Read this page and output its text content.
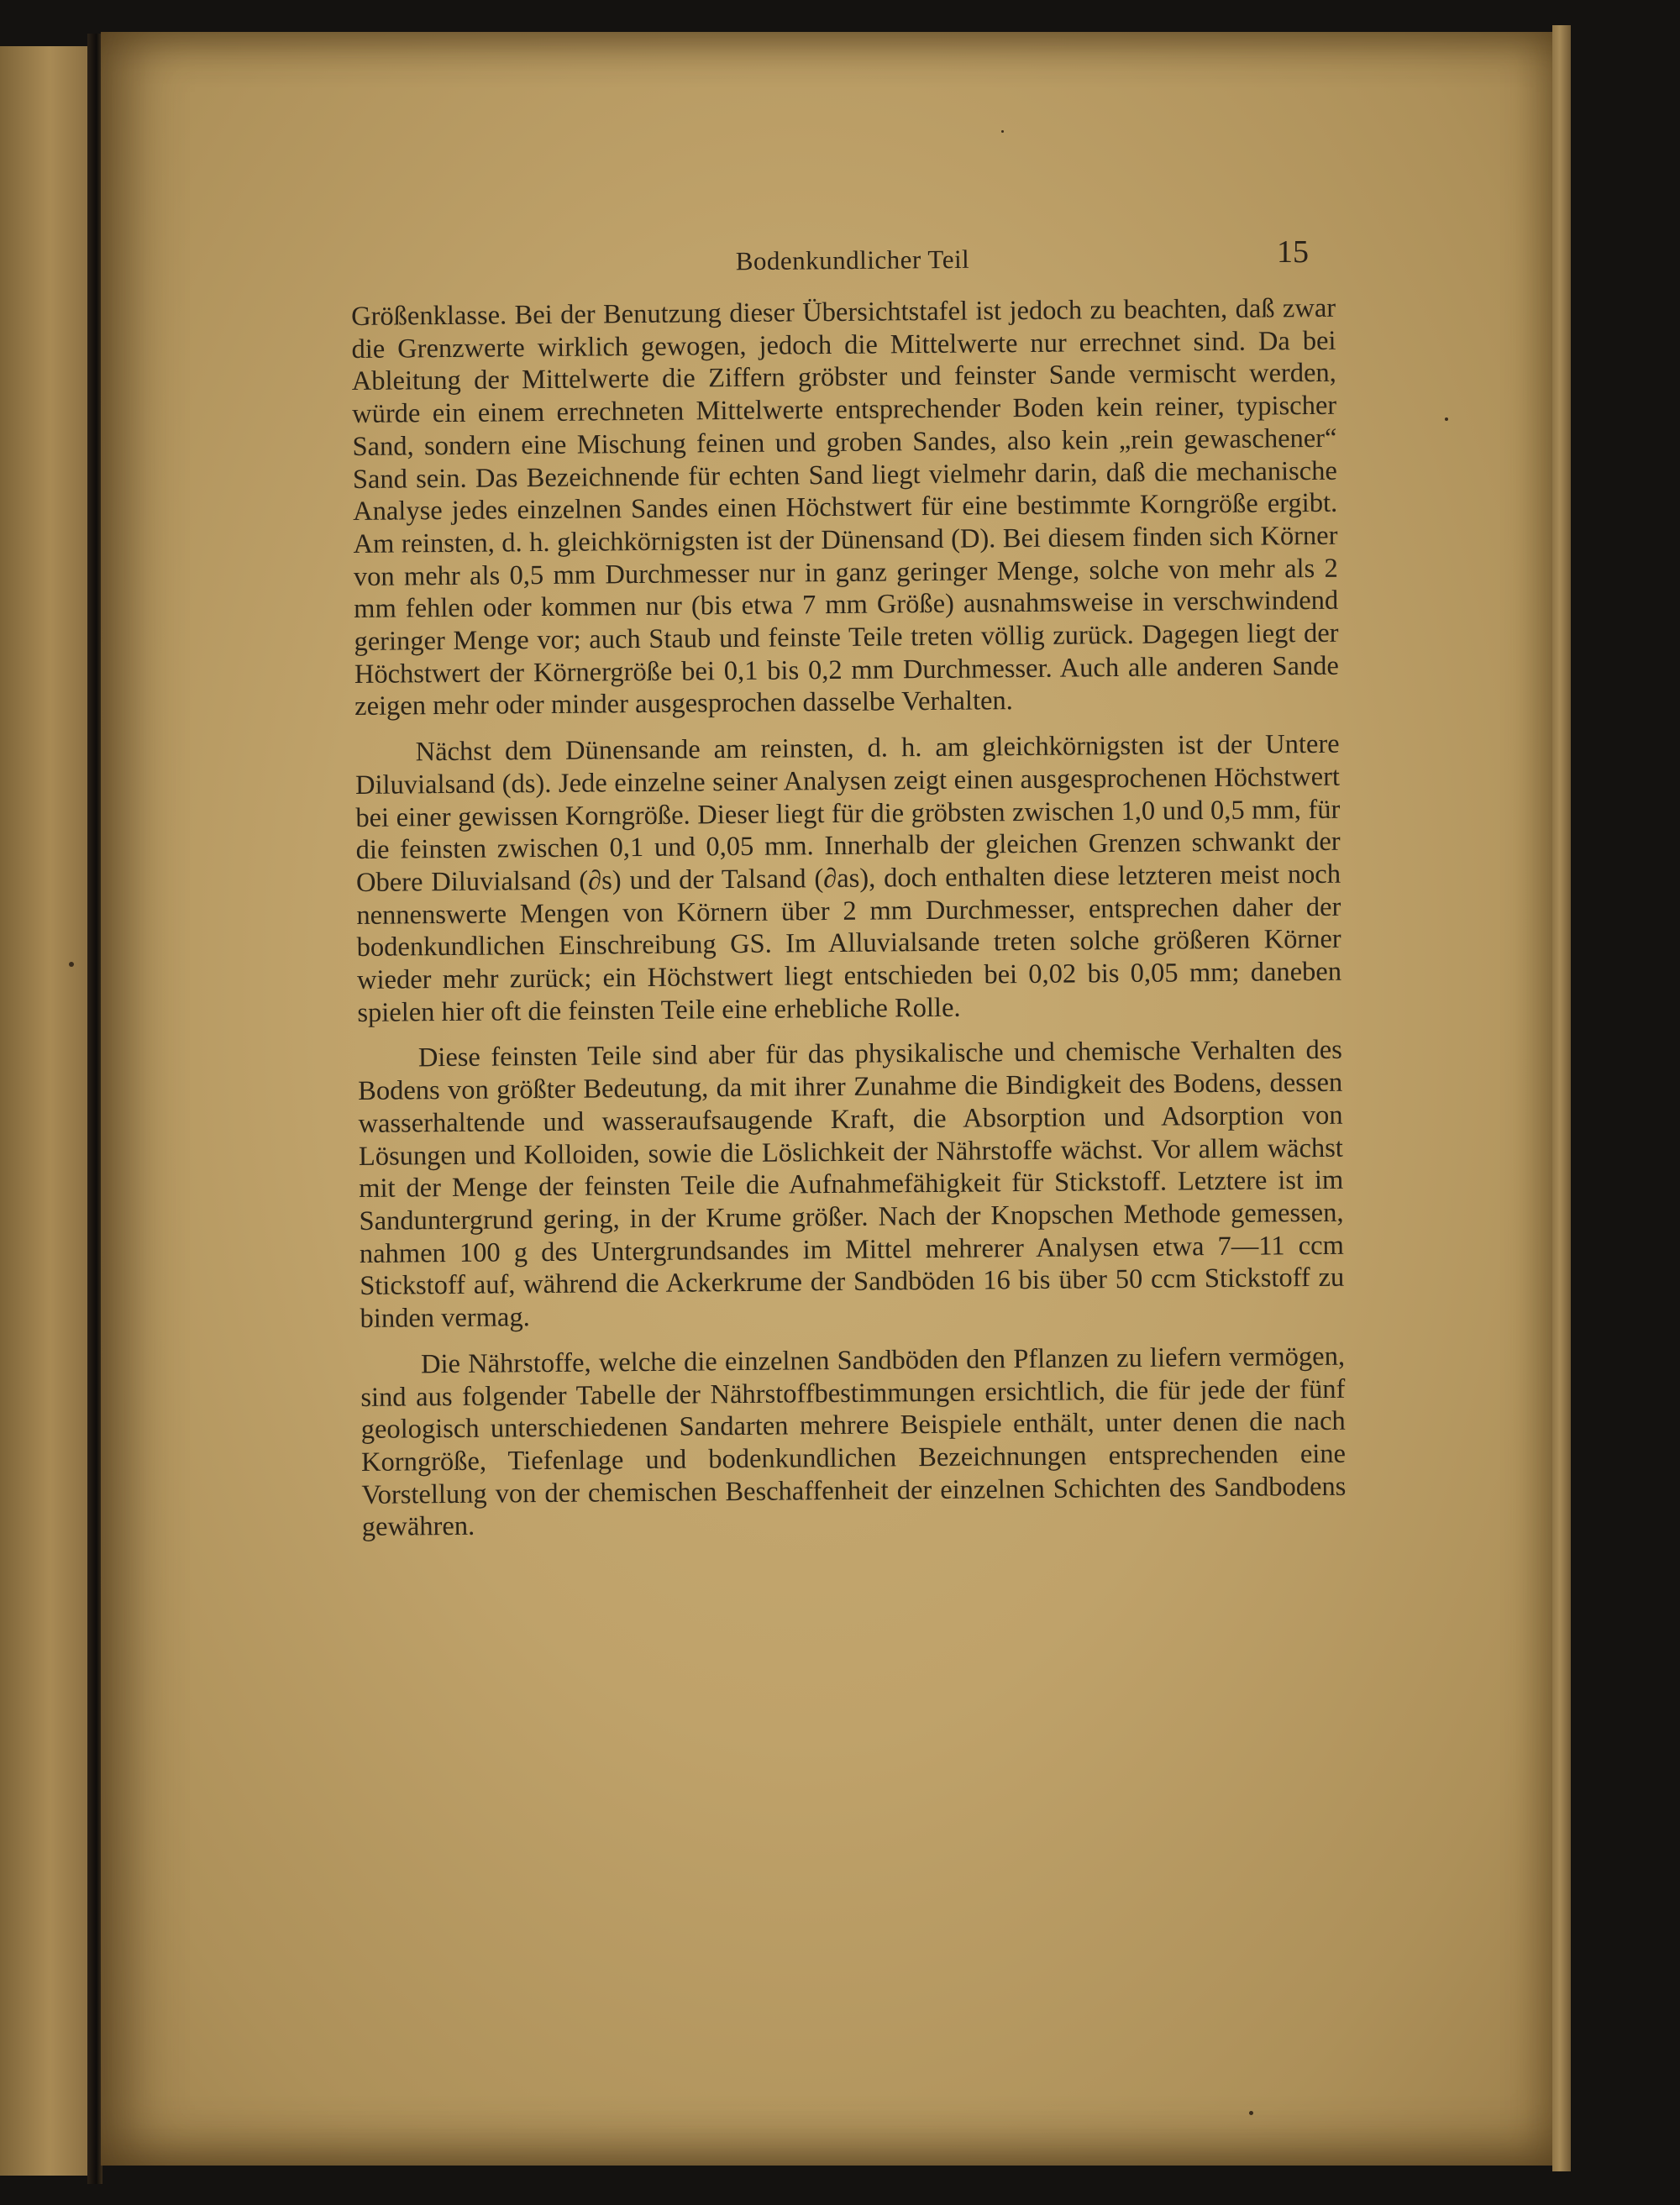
Bodenkundlicher Teil	15

Größenklasse. Bei der Benutzung dieser Übersichtstafel ist jedoch zu beachten, daß zwar die Grenzwerte wirklich gewogen, jedoch die Mittelwerte nur errechnet sind. Da bei Ableitung der Mittelwerte die Ziffern gröbster und feinster Sande vermischt werden, würde ein einem errechneten Mittelwerte entsprechender Boden kein reiner, typischer Sand, sondern eine Mischung feinen und groben Sandes, also kein „rein gewaschener“ Sand sein. Das Bezeichnende für echten Sand liegt vielmehr darin, daß die mechanische Analyse jedes einzelnen Sandes einen Höchstwert für eine bestimmte Korngröße ergibt. Am reinsten, d. h. gleichkörnigsten ist der Dünensand (D). Bei diesem finden sich Körner von mehr als 0,5 mm Durchmesser nur in ganz geringer Menge, solche von mehr als 2 mm fehlen oder kommen nur (bis etwa 7 mm Größe) ausnahmsweise in verschwindend geringer Menge vor; auch Staub und feinste Teile treten völlig zurück. Dagegen liegt der Höchstwert der Körnergröße bei 0,1 bis 0,2 mm Durchmesser. Auch alle anderen Sande zeigen mehr oder minder ausgesprochen dasselbe Verhalten.

Nächst dem Dünensande am reinsten, d. h. am gleichkörnigsten ist der Untere Diluvialsand (ds). Jede einzelne seiner Analysen zeigt einen ausgesprochenen Höchstwert bei einer gewissen Korngröße. Dieser liegt für die gröbsten zwischen 1,0 und 0,5 mm, für die feinsten zwischen 0,1 und 0,05 mm. Innerhalb der gleichen Grenzen schwankt der Obere Diluvialsand (∂s) und der Talsand (∂as), doch enthalten diese letzteren meist noch nennenswerte Mengen von Körnern über 2 mm Durchmesser, entsprechen daher der bodenkundlichen Einschreibung GS. Im Alluvialsande treten solche größeren Körner wieder mehr zurück; ein Höchstwert liegt entschieden bei 0,02 bis 0,05 mm; daneben spielen hier oft die feinsten Teile eine erhebliche Rolle.

Diese feinsten Teile sind aber für das physikalische und chemische Verhalten des Bodens von größter Bedeutung, da mit ihrer Zunahme die Bindigkeit des Bodens, dessen wasserhaltende und wasseraufsaugende Kraft, die Absorption und Adsorption von Lösungen und Kolloiden, sowie die Löslichkeit der Nährstoffe wächst. Vor allem wächst mit der Menge der feinsten Teile die Aufnahmefähigkeit für Stickstoff. Letztere ist im Sanduntergrund gering, in der Krume größer. Nach der Knopschen Methode gemessen, nahmen 100 g des Untergrundsandes im Mittel mehrerer Analysen etwa 7—11 ccm Stickstoff auf, während die Ackerkrume der Sandböden 16 bis über 50 ccm Stickstoff zu binden vermag.

Die Nährstoffe, welche die einzelnen Sandböden den Pflanzen zu liefern vermögen, sind aus folgender Tabelle der Nährstoffbestimmungen ersichtlich, die für jede der fünf geologisch unterschiedenen Sandarten mehrere Beispiele enthält, unter denen die nach Korngröße, Tiefenlage und bodenkundlichen Bezeichnungen entsprechenden eine Vorstellung von der chemischen Beschaffenheit der einzelnen Schichten des Sandbodens gewähren.
